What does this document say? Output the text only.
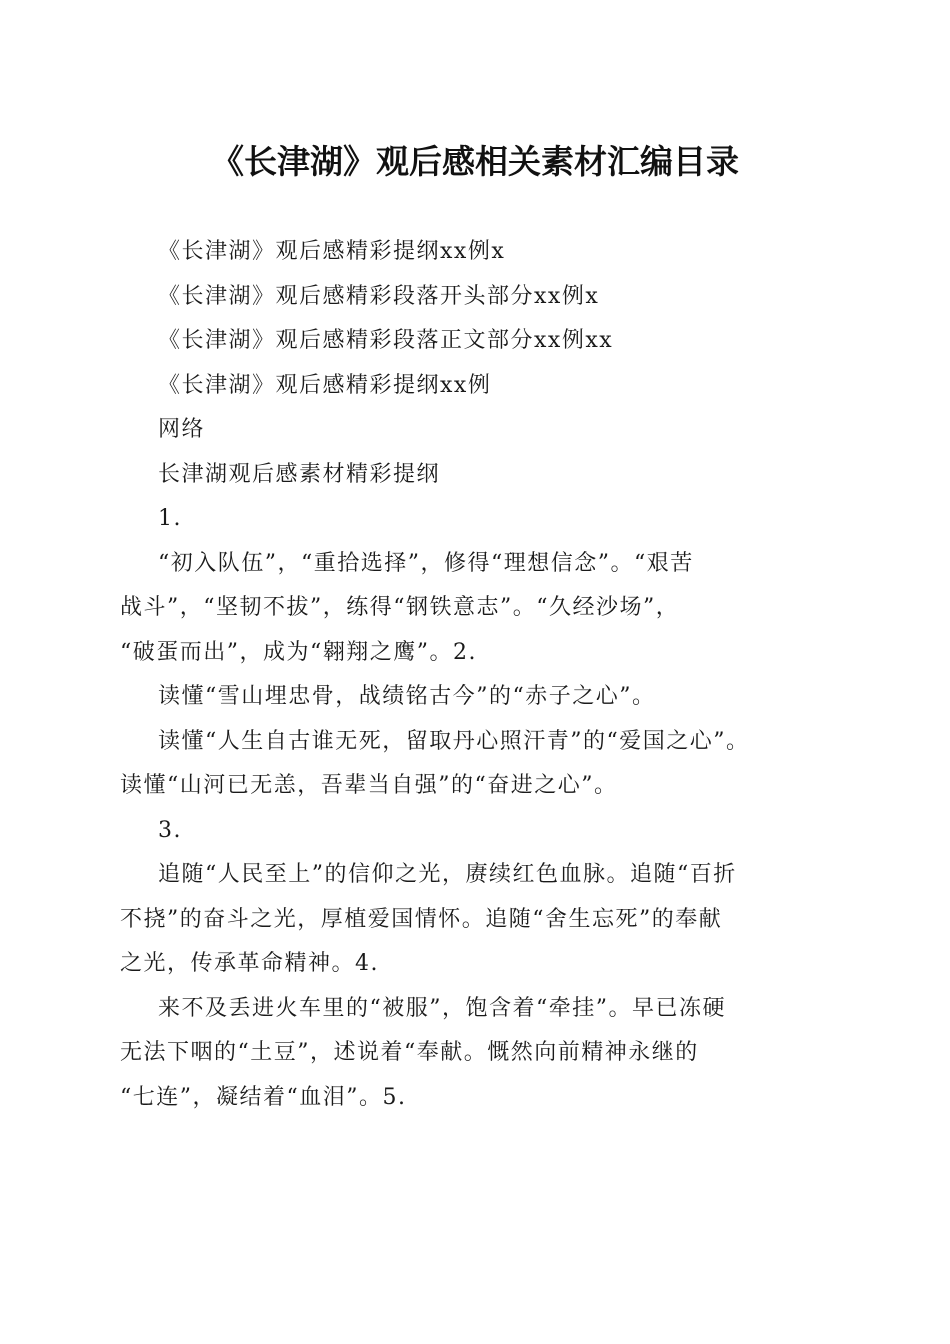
《长津湖》观后感相关素材汇编目录
《长津湖》观后感精彩提纲xx例x
《长津湖》观后感精彩段落开头部分xx例x
《长津湖》观后感精彩段落正文部分xx例xx
《长津湖》观后感精彩提纲xx例
网络
长津湖观后感素材精彩提纲
1.
“初入队伍”，“重拾选择”，修得“理想信念”。“艰苦
战斗”，“坚韧不拔”，练得“钢铁意志”。“久经沙场”，
“破蛋而出”，成为“翱翔之鹰”。2.
读懂“雪山埋忠骨，战绩铭古今”的“赤子之心”。
读懂“人生自古谁无死，留取丹心照汗青”的“爱国之心”。
读懂“山河已无恙，吾辈当自强”的“奋进之心”。
3.
追随“人民至上”的信仰之光，赓续红色血脉。追随“百折
不挠”的奋斗之光，厚植爱国情怀。追随“舍生忘死”的奉献
之光，传承革命精神。4.
来不及丢进火车里的“被服”，饱含着“牵挂”。早已冻硬
无法下咽的“土豆”，述说着“奉献。慨然向前精神永继的
“七连”，凝结着“血泪”。5.
